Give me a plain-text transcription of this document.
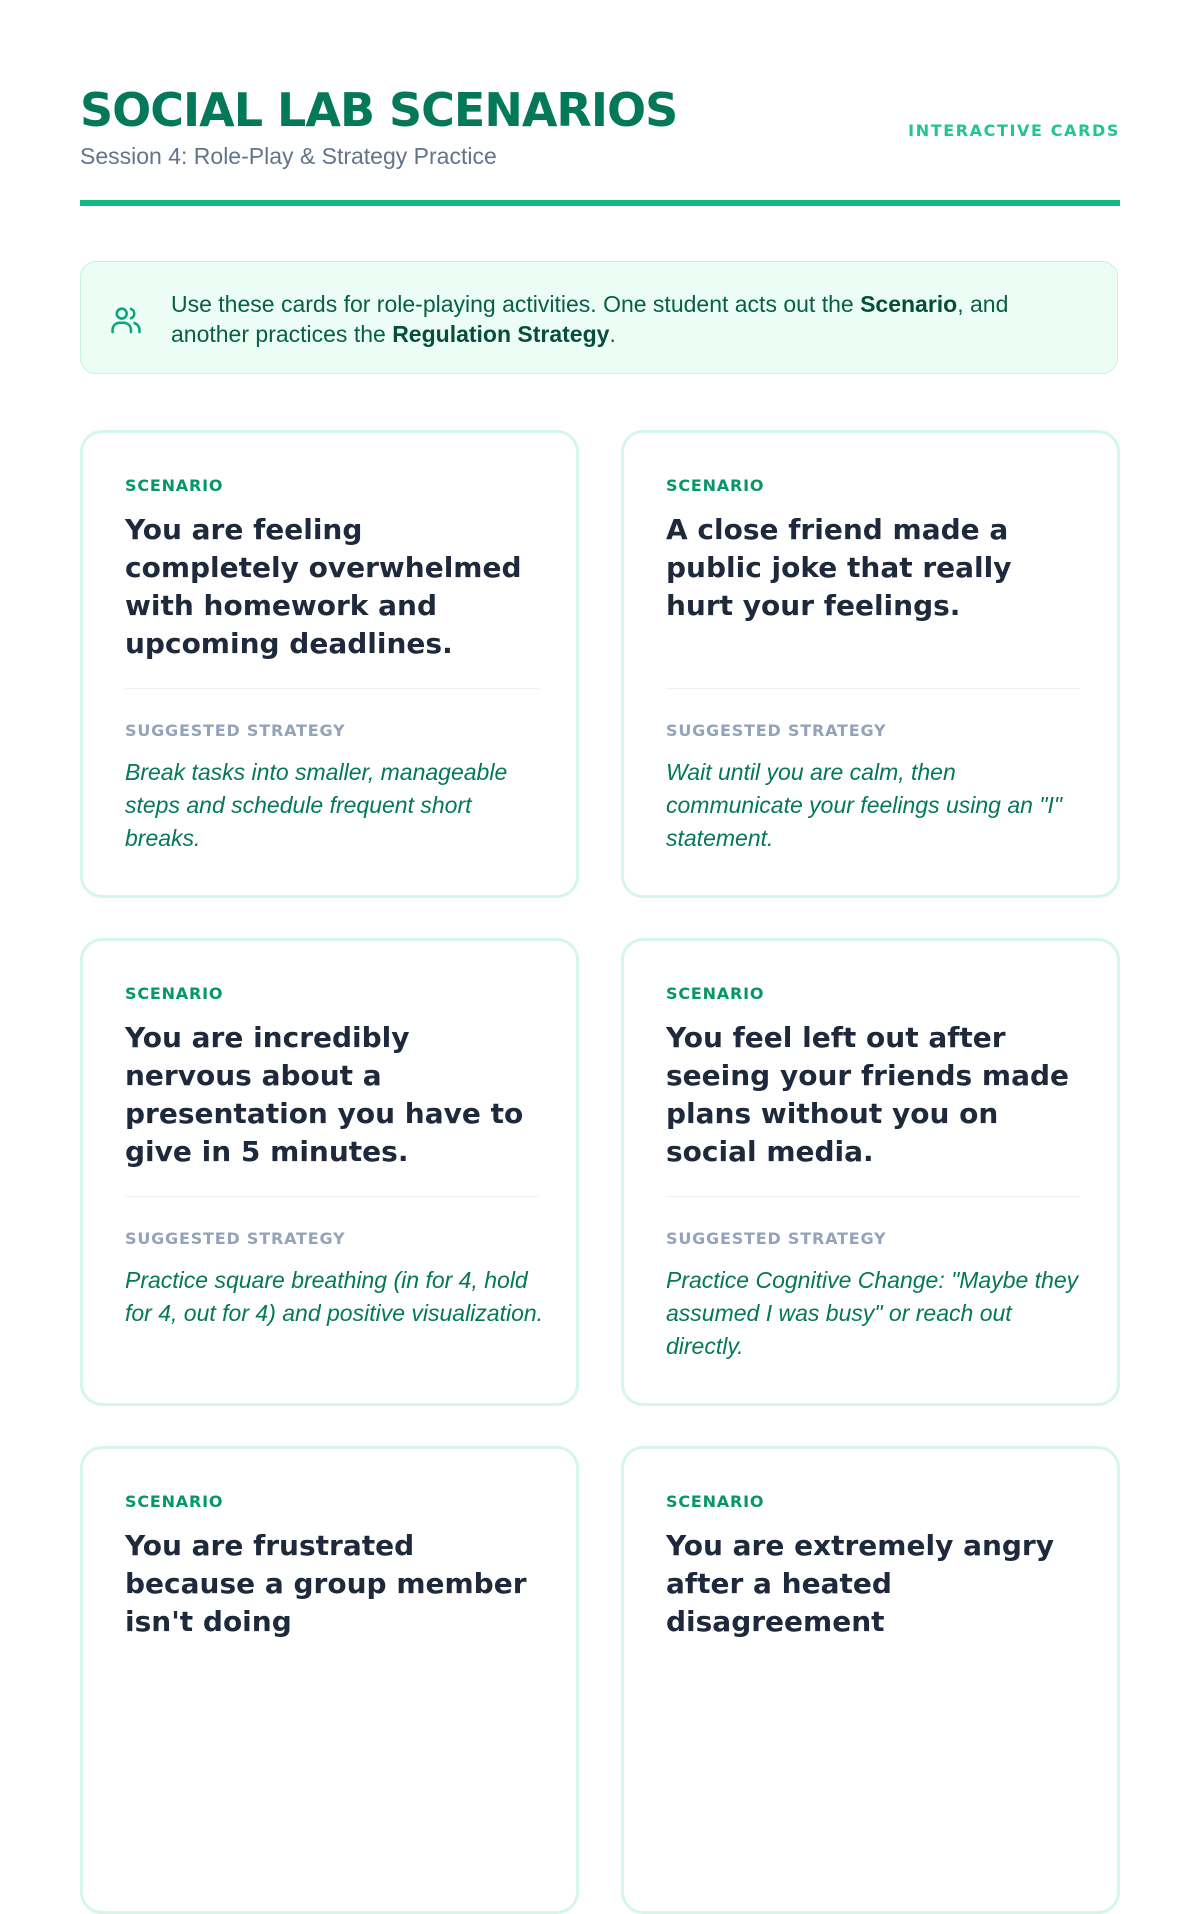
SOCIAL LAB SCENARIOS
Session 4: Role-Play & Strategy Practice
INTERACTIVE CARDS
Use these cards for role-playing activities. One student acts out the Scenario, and another practices the Regulation Strategy.
SCENARIO

You are feeling completely overwhelmed with homework and upcoming deadlines.

SUGGESTED STRATEGY
Break tasks into smaller, manageable steps and schedule frequent short breaks.
SCENARIO

A close friend made a public joke that really hurt your feelings.

SUGGESTED STRATEGY
Wait until you are calm, then communicate your feelings using an "I" statement.
SCENARIO

You are incredibly nervous about a presentation you have to give in 5 minutes.

SUGGESTED STRATEGY
Practice square breathing (in for 4, hold for 4, out for 4) and positive visualization.
SCENARIO

You feel left out after seeing your friends made plans without you on social media.

SUGGESTED STRATEGY
Practice Cognitive Change: "Maybe they assumed I was busy" or reach out directly.
SCENARIO

You are frustrated because a group member isn't doing

SCENARIO

You are extremely angry after a heated disagreement
